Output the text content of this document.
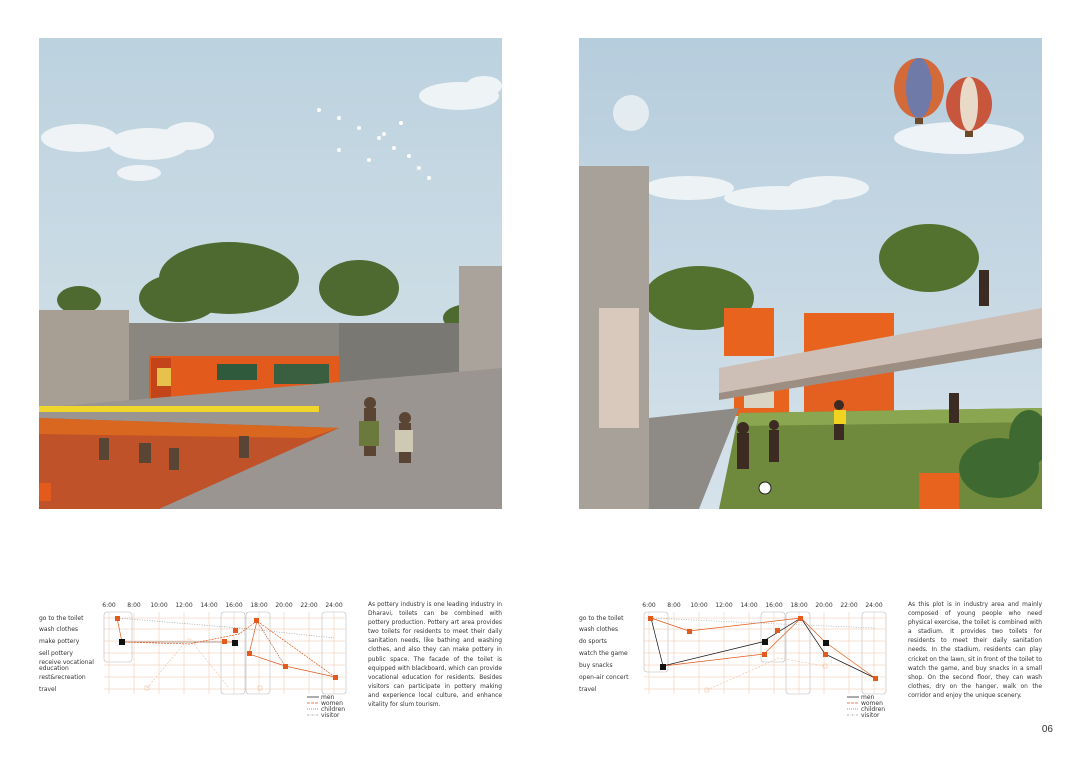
6:00 8:00 10:00 12:00 14:00 16:00 18:00 20:00 22:00 24:00
go to the toilet
wash clothes
make pottery
sell pottery
receive vocational education
rest&recreation
travel
men
women
children
visitor
As pottery industry is one leading industry in Dharavi, toilets can be combined with pottery production. Pottery art area provides two toilets for residents to meet their daily sanitation needs, like bathing and washing clothes, and also they can make pottery in public space. The facade of the toilet is equipped with blackboard, which can provide vocational education for residents. Besides visitors can participate in pottery making and experience local culture, and enhance vitality for slum tourism.
6:00 8:00 10:00 12:00 14:00 16:00 18:00 20:00 22:00 24:00
go to the toilet
wash clothes
do sports
watch the game
buy snacks
open-air concert
travel
men
women
children
visitor
As this plot is in industry area and mainly composed of young people who need physical exercise, the toilet is combined with a stadium. It provides two toilets for residents to meet their daily sanitation needs. In the stadium, residents can play cricket on the lawn, sit in front of the toilet to watch the game, and buy snacks in a small shop. On the second floor, they can wash clothes, dry on the hanger, walk on the corridor and enjoy the unique scenery.
06
